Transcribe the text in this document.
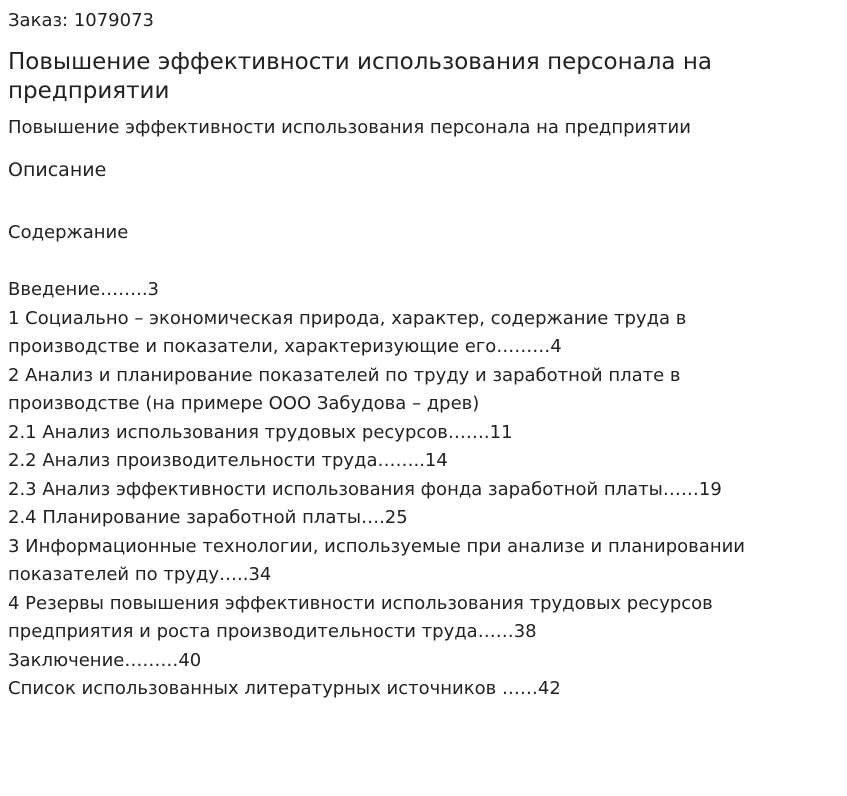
Заказ: 1079073
Повышение эффективности использования персонала на предприятии
Повышение эффективности использования персонала на предприятии
Описание
Содержание
Введение……..3
1 Социально – экономическая природа, характер, содержание труда в производстве и показатели, характеризующие его………4
2 Анализ и планирование показателей по труду и заработной плате в производстве (на примере ООО Забудова – древ)
2.1 Анализ использования трудовых ресурсов…….11
2.2 Анализ производительности труда……..14
2.3 Анализ эффективности использования фонда заработной платы……19
2.4 Планирование заработной платы….25
3 Информационные технологии, используемые при анализе и планировании показателей по труду…..34
4 Резервы повышения эффективности использования трудовых ресурсов предприятия и роста производительности труда……38
Заключение………40
Список использованных литературных источников ……42
